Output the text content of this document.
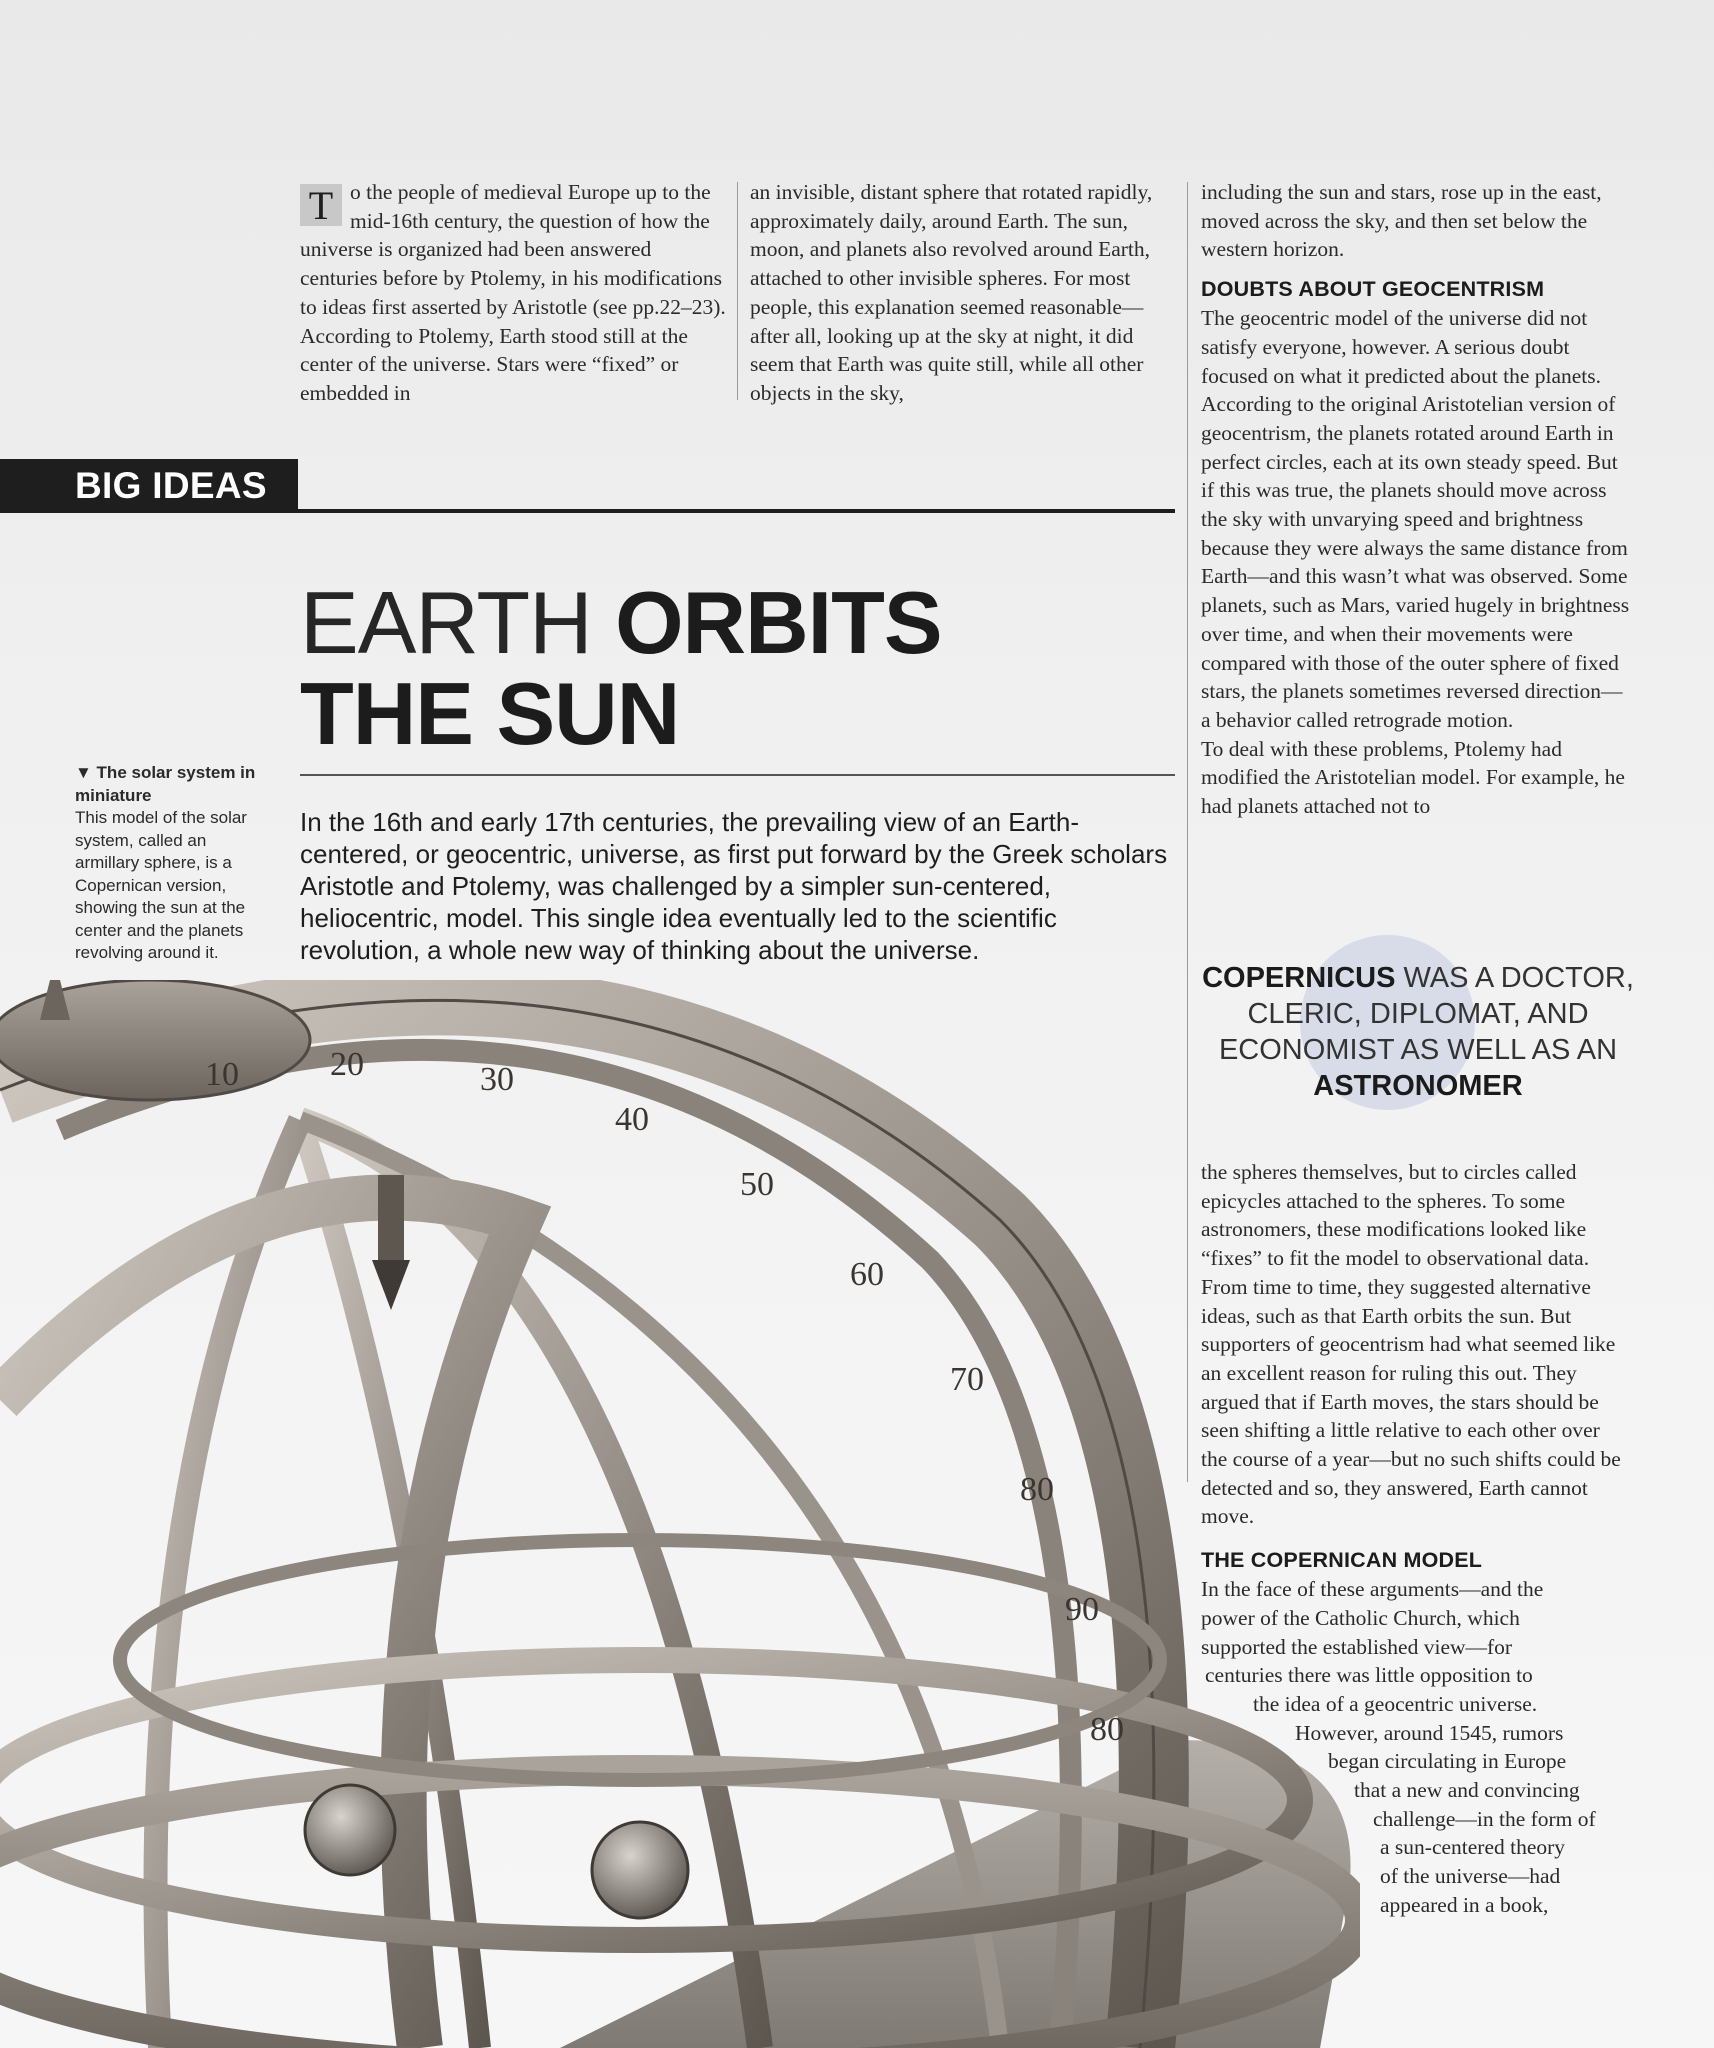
10	20	30
40
50
60
70
80
90
80
T o the people of medieval Europe up to the mid-16th century, the question of how the universe is organized had been answered centuries before by Ptolemy, in his modifications to ideas first asserted by Aristotle (see pp.22–23). According to Ptolemy, Earth stood still at the center of the universe. Stars were “fixed” or embedded in

an invisible, distant sphere that rotated rapidly, approximately daily, around Earth. The sun, moon, and planets also revolved around Earth, attached to other invisible spheres. For most people, this explanation seemed reasonable—after all, looking up at the sky at night, it did seem that Earth was quite still, while all other objects in the sky,

including the sun and stars, rose up in the east, moved across the sky, and then set below the western horizon.

DOUBTS ABOUT GEOCENTRISM

The geocentric model of the universe did not satisfy everyone, however. A serious doubt focused on what it predicted about the planets. According to the original Aristotelian version of geocentrism, the planets rotated around Earth in perfect circles, each at its own steady speed. But if this was true, the planets should move across the sky with unvarying speed and brightness because they were always the same distance from Earth—and this wasn’t what was observed. Some planets, such as Mars, varied hugely in brightness over time, and when their movements were compared with those of the outer sphere of fixed stars, the planets sometimes reversed direction—a behavior called retrograde motion.

To deal with these problems, Ptolemy had modified the Aristotelian model. For example, he had planets attached not to

COPERNICUS WAS A DOCTOR, CLERIC, DIPLOMAT, AND ECONOMIST AS WELL AS AN ASTRONOMER

the spheres themselves, but to circles called epicycles attached to the spheres. To some astronomers, these modifications looked like “fixes” to fit the model to observational data. From time to time, they suggested alternative ideas, such as that Earth orbits the sun. But supporters of geocentrism had what seemed like an excellent reason for ruling this out. They argued that if Earth moves, the stars should be seen shifting a little relative to each other over the course of a year—but no such shifts could be detected and so, they answered, Earth cannot move.

THE COPERNICAN MODEL
In the face of these arguments—and the
power of the Catholic Church, which
supported the established view—for
centuries there was little opposition to
the idea of a geocentric universe.
However, around 1545, rumors
began circulating in Europe
that a new and convincing
challenge—in the form of
a sun-centered theory
of the universe—had
appeared in a book,
BIG IDEAS
EARTH ORBITS
THE SUN
In the 16th and early 17th centuries, the prevailing view of an Earth-centered, or geocentric, universe, as first put forward by the Greek scholars Aristotle and Ptolemy, was challenged by a simpler sun-centered, heliocentric, model. This single idea eventually led to the scientific revolution, a whole new way of thinking about the universe.
▼ The solar system in miniature
This model of the solar system, called an armillary sphere, is a Copernican version, showing the sun at the center and the planets revolving around it.
